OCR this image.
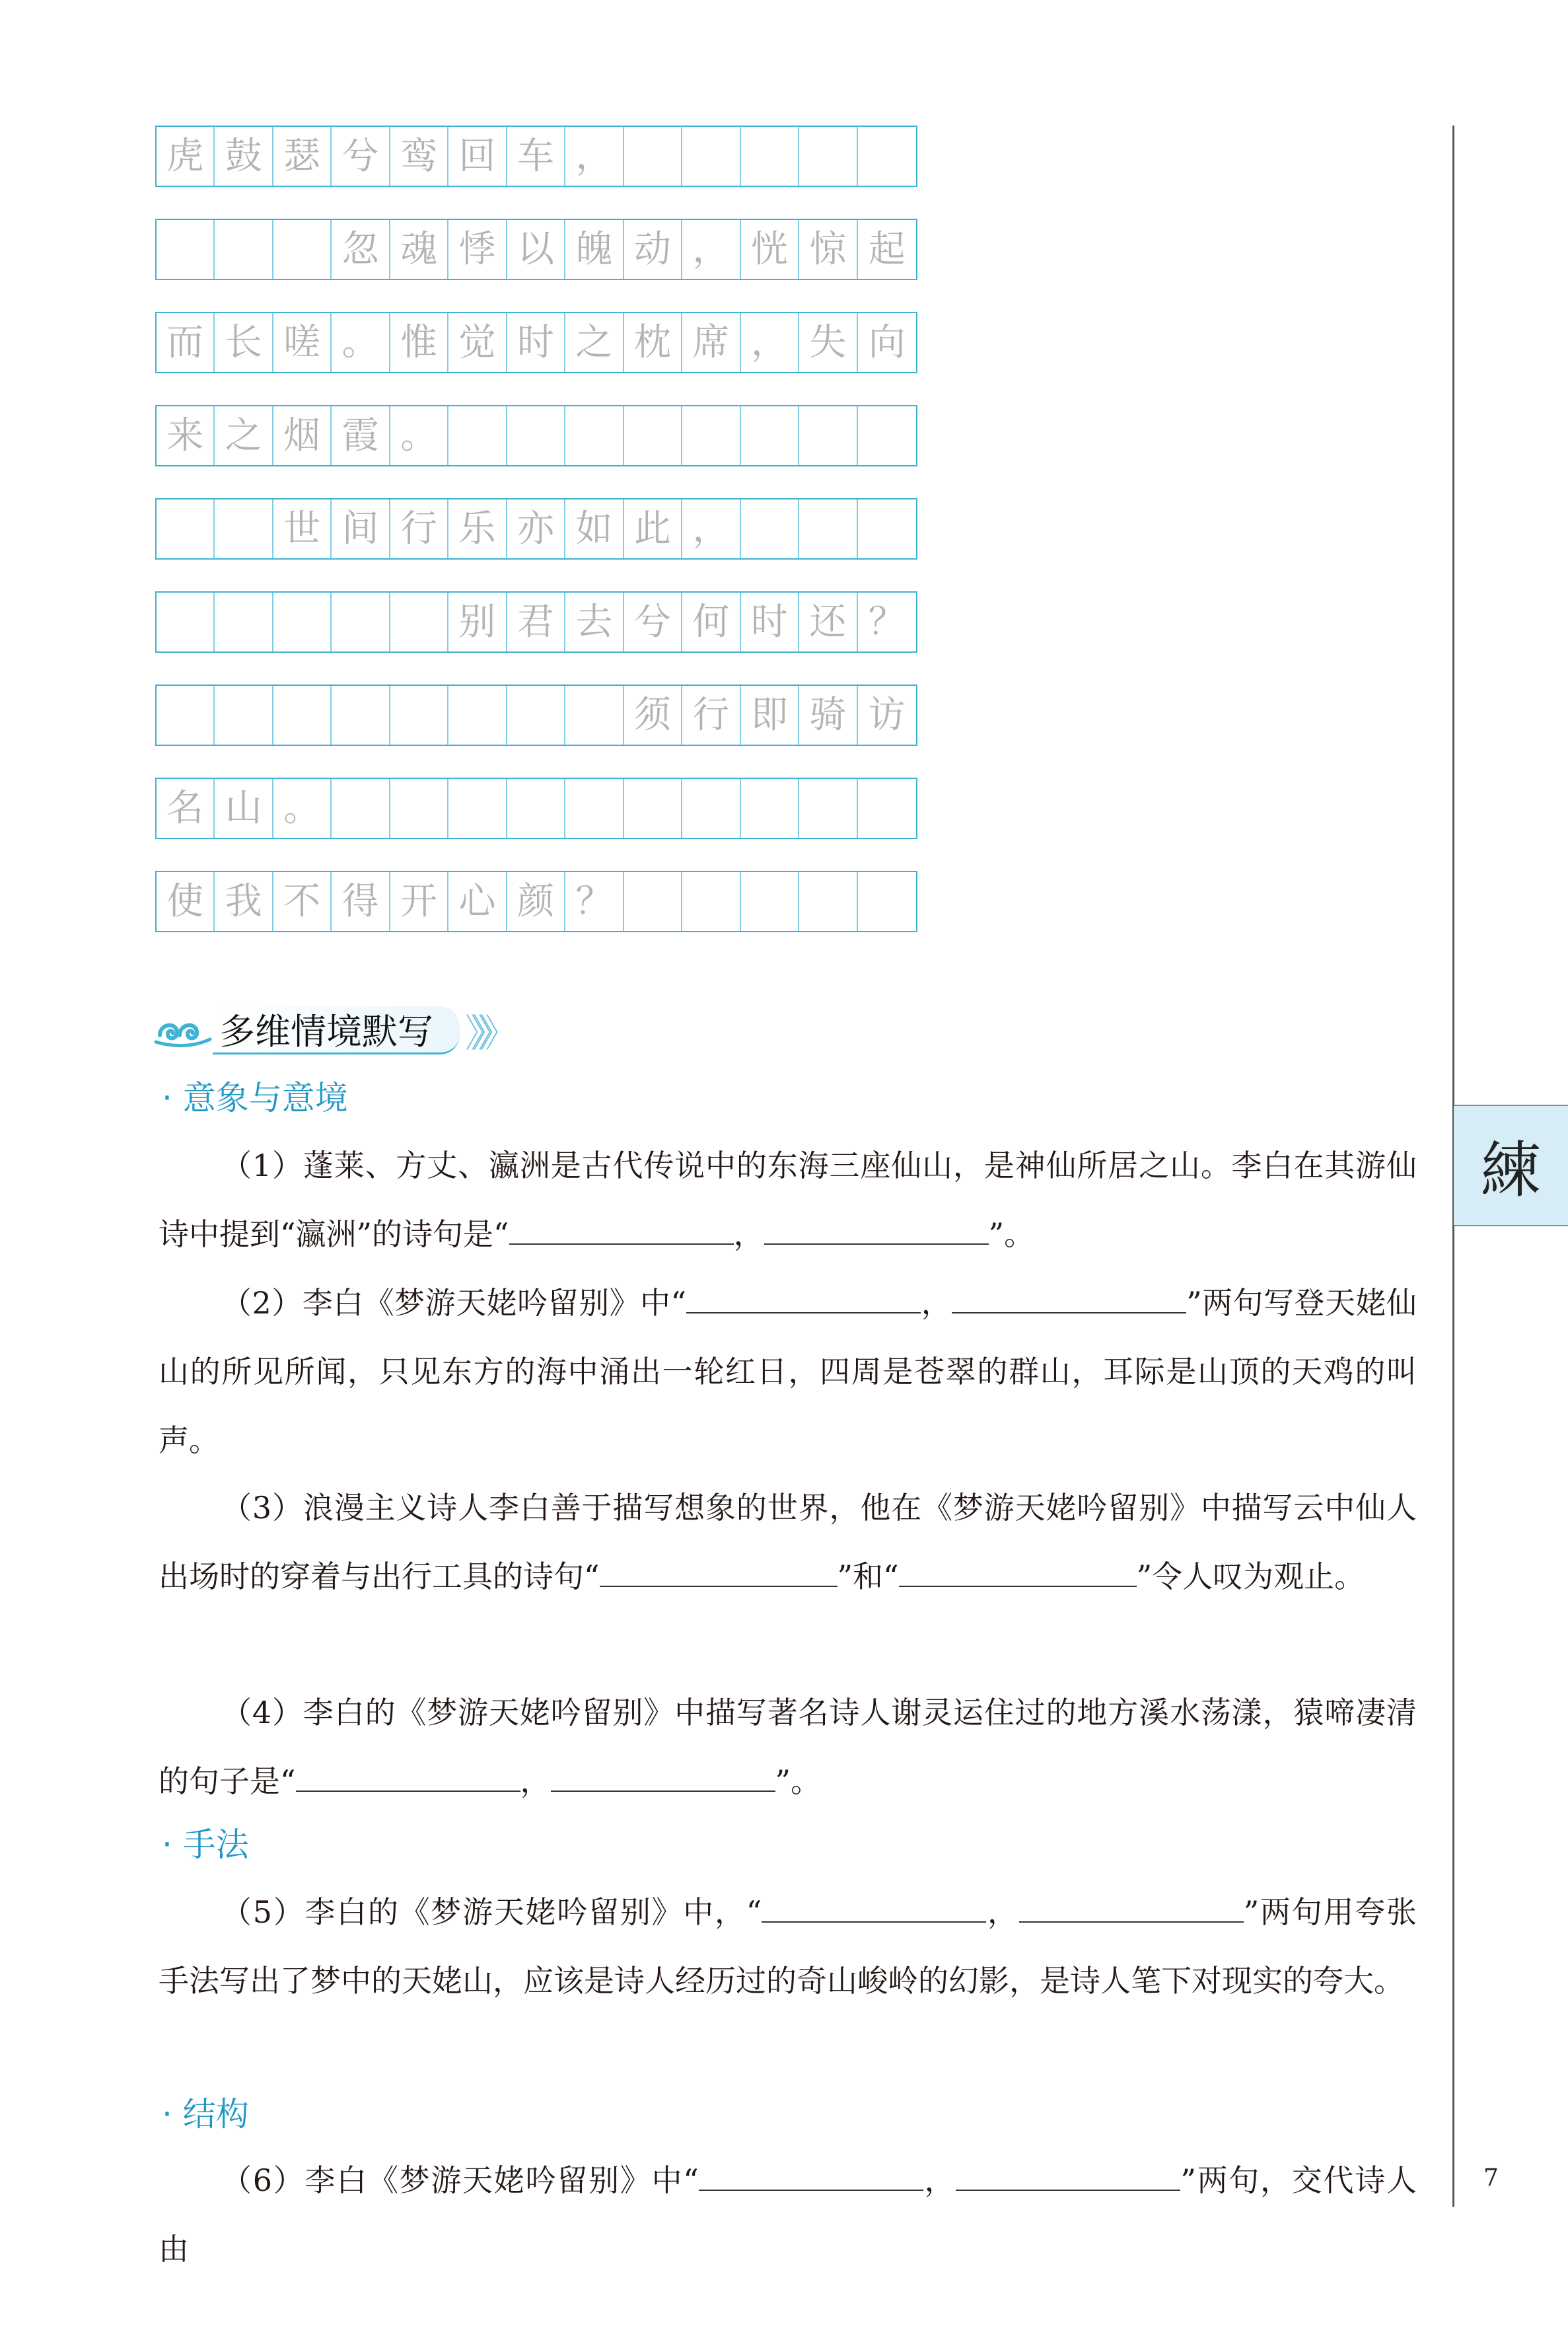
虎 鼓 瑟 兮 鸾 回 车 ，
忽 魂 悸 以 魄 动 ， 恍 惊 起
而 长 嗟 。 惟 觉 时 之 枕 席 ， 失 向
来 之 烟 霞 。
世 间 行 乐 亦 如 此 ，
别 君 去 兮 何 时 还 ？
须 行 即 骑 访
名 山 。
使 我 不 得 开 心 颜 ？
練
7
多维情境默写 》》》
· 意象与意境

（1）蓬莱、方丈、瀛洲是古代传说中的东海三座仙山，是神仙所居之山。李白在其游仙诗中提到“瀛洲”的诗句是“	，	”。

（2）李白《梦游天姥吟留别》中“	，	”两句写登天姥仙山的所见所闻，只见东方的海中涌出一轮红日，四周是苍翠的群山，耳际是山顶的天鸡的叫声。

（3）浪漫主义诗人李白善于描写想象的世界，他在《梦游天姥吟留别》中描写云中仙人出场时的穿着与出行工具的诗句“	”和“	”令人叹为观止。

（4）李白的《梦游天姥吟留别》中描写著名诗人谢灵运住过的地方溪水荡漾，猿啼凄清的句子是“	，	”。

· 手法

（5）李白的《梦游天姥吟留别》中，“	，	”两句用夸张手法写出了梦中的天姥山，应该是诗人经历过的奇山峻岭的幻影，是诗人笔下对现实的夸大。

· 结构

（6）李白《梦游天姥吟留别》中“	，	”两句，交代诗人由
